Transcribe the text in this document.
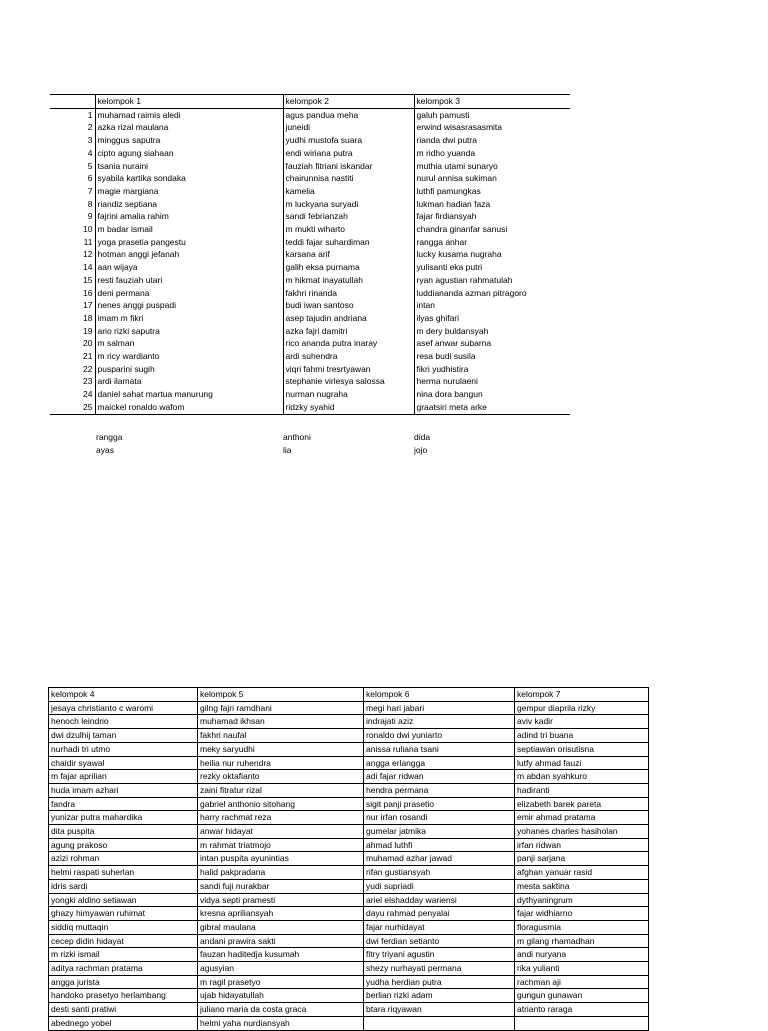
	kelompok 1	kelompok 2	kelompok 3
1	muhamad raimis aledi	agus pandua meha	galuh pamusti
2	azka rizal maulana	juneidi	erwind wisasrasasmita
3	minggus saputra	yudhi mustofa suara	rianda dwi putra
4	cipto agung siahaan	endi wiriana putra	m ridho yuanda
5	tsania nuraini	fauziah fitriani iskandar	muthia utami sunaryo
6	syabila kartika sondaka	chairunnisa nastiti	nurul annisa sukiman
7	magie margiana	kamelia	luthfi pamungkas
8	riandiz septiana	m luckyana suryadi	lukman hadian faza
9	fajrini amalia rahim	sandi febrianzah	fajar firdiansyah
10	m badar ismail	m mukti wiharto	chandra ginanfar sanusi
11	yoga prasetia pangestu	teddi fajar suhardiman	rangga anhar
12	hotman anggi jefanah	karsana arif	lucky kusama nugraha
14	aan wijaya	galih eksa purnama	yulisanti eka putri
15	resti fauziah utari	m hikmat inayatullah	ryan agustian rahmatulah
16	deni permana	fakhri rinanda	luddiananda azman pitragoro
17	nenes anggi puspadi	budi iwan santoso	intan
18	imam m fikri	asep tajudin andriana	ilyas ghifari
19	ario rizki saputra	azka fajri damitri	m dery buldansyah
20	m salman	rico ananda putra inaray	asef anwar subarna
21	m ricy wardianto	ardi suhendra	resa budi susila
22	pusparini sugih	viqri fahmi tresrtyawan	fikri yudhistira
23	ardi ilamata	stephanie virlesya salossa	herma nurulaeni
24	daniel sahat martua manurung	nurman nugraha	nina dora bangun
25	maickel ronaldo wafom	ridzky syahid	graatsiri meta arke
rangga	anthoni	dida
ayas	lia	jojo
kelompok 4	kelompok 5	kelompok 6	kelompok 7
jesaya christianto c waromi	gilng fajri ramdhani	megi hari jabari	gempur diaprila rizky
henoch leindrio	muhamad ikhsan	indrajati aziz	aviv kadir
dwi dzulhij taman	fakhri naufal	ronaldo dwi yuniarto	adind tri buana
nurhadi tri utmo	meky saryudhi	anissa ruliana tsani	septiawan orisutisna
chaidir syawal	heilia nur ruhendra	angga erlangga	lutfy ahmad fauzi
m fajar aprilian	rezky oktafianto	adi fajar ridwan	m abdan syahkuro
huda imam azhari	zaini fitratur rizal	hendra permana	hadiranti
fandra	gabriel anthonio sitohang	sigit panji prasetio	elizabeth barek pareta
yunizar putra mahardika	harry rachmat reza	nur irfan rosandi	emir ahmad pratama
dita puspita	anwar hidayat	gumelar jatmika	yohanes charles hasiholan
agung prakoso	m rahmat triatmojo	ahmad luthfi	irfan ridwan
azizi rohman	intan puspita ayunintias	muhamad azhar jawad	panji sarjana
helmi raspati suherlan	halid pakpradana	rifan gustiansyah	afghan yanuar rasid
idris sardi	sandi fuji nurakbar	yudi supriadi	mesta saktina
yongki aldino setiawan	vidya septi pramesti	ariel elshadday wariensi	dythyaningrum
ghazy himyawan ruhimat	kresna apriliansyah	dayu rahmad penyalai	fajar widhiarno
siddiq muttaqin	gibral maulana	fajar nurhidayat	floragusmia
cecep didin hidayat	andani prawira sakti	dwi ferdian setianto	m gilang rhamadhan
m rizki ismail	fauzan haditedja kusumah	fitry triyani agustin	andi nuryana
aditya rachman pratama	agusyian	shezy nurhayati permana	rika yulianti
angga jurista	m ragil prasetyo	yudha herdian putra	rachman aji
handoko prasetyo herlambang	ujab hidayatullah	berlian rizki adam	gungun gunawan
desti santi pratiwi	juliano maria da costa graca	btara riqyawan	atrianto raraga
abednego yobel	helmi yaha nurdiansyah		
